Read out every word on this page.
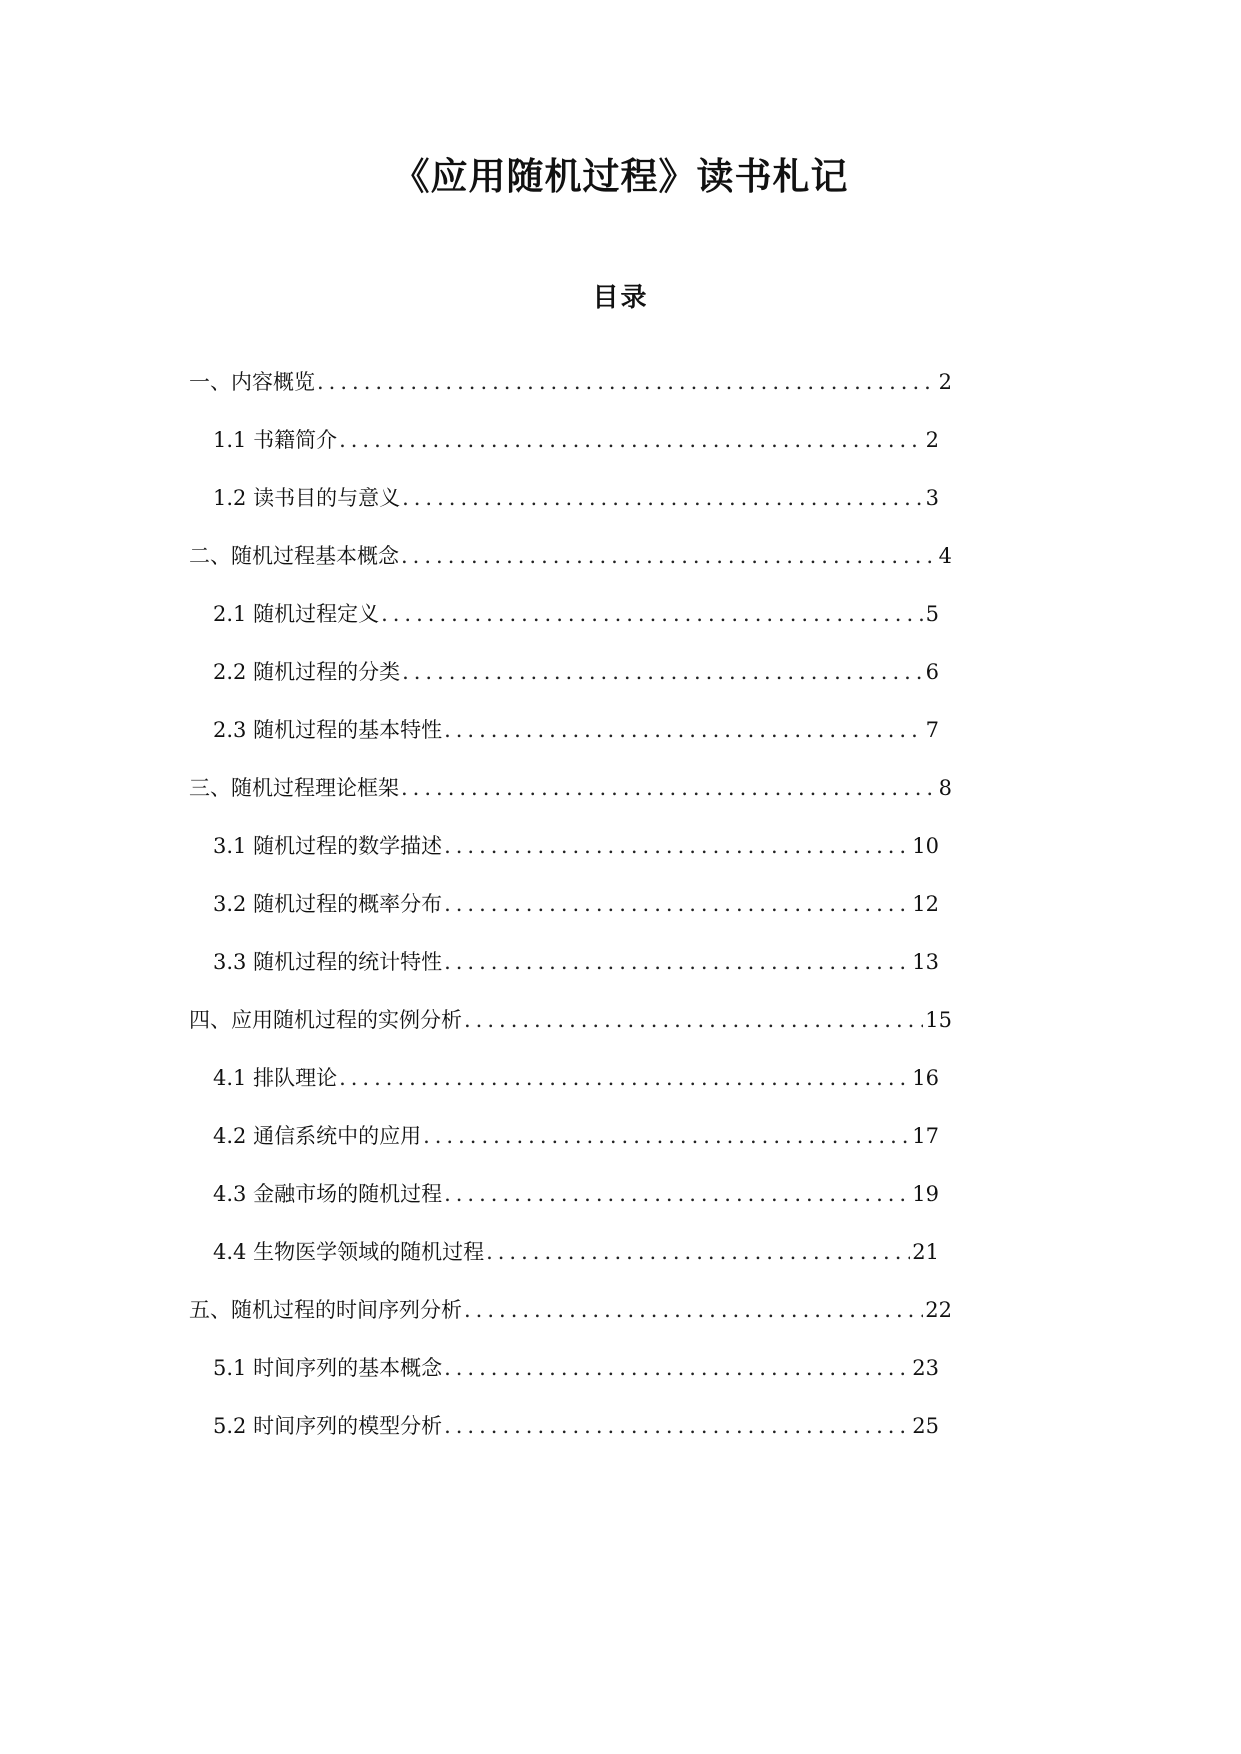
《应用随机过程》读书札记
目录
一、内容概览 .....	2
1.1 书籍简介 .....	2
1.2 读书目的与意义 .....	3
二、随机过程基本概念 .....	4
2.1 随机过程定义 .....	5
2.2 随机过程的分类 .....	6
2.3 随机过程的基本特性 .....	7
三、随机过程理论框架 .....	8
3.1 随机过程的数学描述 .....	10
3.2 随机过程的概率分布 .....	12
3.3 随机过程的统计特性 .....	13
四、应用随机过程的实例分析 .....	15
4.1 排队理论 .....	16
4.2 通信系统中的应用 .....	17
4.3 金融市场的随机过程 .....	19
4.4 生物医学领域的随机过程 .....	21
五、随机过程的时间序列分析 .....	22
5.1 时间序列的基本概念 .....	23
5.2 时间序列的模型分析 .....	25
